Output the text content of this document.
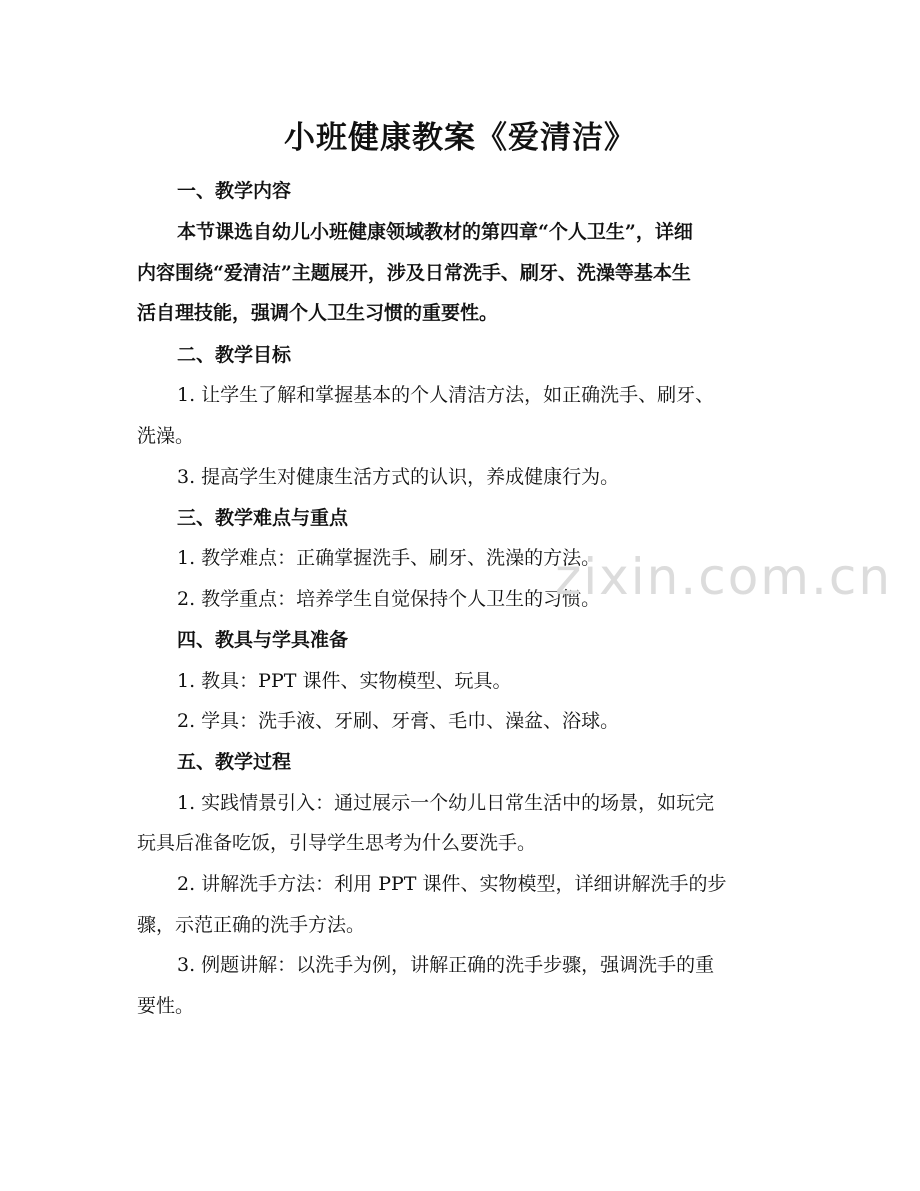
小班健康教案《爱清洁》
一、教学内容
本节课选自幼儿小班健康领域教材的第四章“个人卫生”，详细
内容围绕“爱清洁”主题展开，涉及日常洗手、刷牙、洗澡等基本生
活自理技能，强调个人卫生习惯的重要性。
二、教学目标
1. 让学生了解和掌握基本的个人清洁方法，如正确洗手、刷牙、
洗澡。
3. 提高学生对健康生活方式的认识，养成健康行为。
三、教学难点与重点
1. 教学难点：正确掌握洗手、刷牙、洗澡的方法。
2. 教学重点：培养学生自觉保持个人卫生的习惯。
四、教具与学具准备
1. 教具：PPT 课件、实物模型、玩具。
2. 学具：洗手液、牙刷、牙膏、毛巾、澡盆、浴球。
五、教学过程
1. 实践情景引入：通过展示一个幼儿日常生活中的场景，如玩完
玩具后准备吃饭，引导学生思考为什么要洗手。
2. 讲解洗手方法：利用 PPT 课件、实物模型，详细讲解洗手的步
骤，示范正确的洗手方法。
3. 例题讲解：以洗手为例，讲解正确的洗手步骤，强调洗手的重
要性。
zixin.com.cn
